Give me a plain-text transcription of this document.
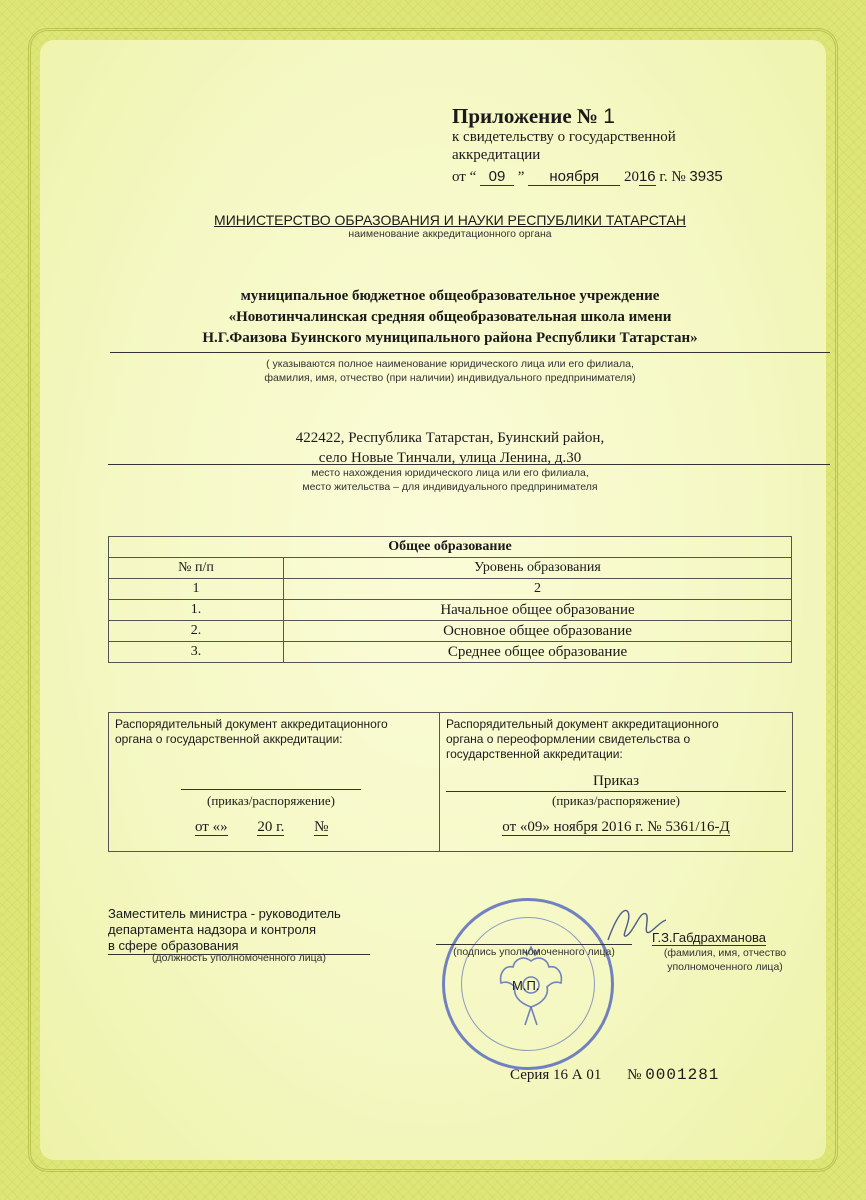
Приложение № 1
к свидетельству о государственной
аккредитации
от “ 09 ” ноября 2016 г. № 3935
МИНИСТЕРСТВО ОБРАЗОВАНИЯ И НАУКИ РЕСПУБЛИКИ ТАТАРСТАН
наименование аккредитационного органа
муниципальное бюджетное общеобразовательное учреждение
«Новотинчалинская средняя общеобразовательная школа имени
Н.Г.Фаизова Буинского муниципального района Республики Татарстан»
( указываются полное наименование юридического лица или его филиала,
фамилия, имя, отчество (при наличии) индивидуального предпринимателя)
422422, Республика Татарстан, Буинский район,
село Новые Тинчали, улица Ленина, д.30
место нахождения юридического лица или его филиала,
место жительства – для индивидуального предпринимателя
Общее образование	
№ п/п	Уровень образования
1	2
1.	Начальное общее образование
2.	Основное общее образование
3.	Среднее общее образование
Распорядительный документ аккредитационного
органа о государственной аккредитации:
(приказ/распоряжение)
от «» 20 г. №
Распорядительный документ аккредитационного
органа о переоформлении свидетельства о
государственной аккредитации:
Приказ
(приказ/распоряжение)
от «09» ноября 2016 г. № 5361/16-Д
Заместитель министра - руководитель
департамента надзора и контроля
в сфере образования
(должность уполномоченного лица)	(подпись уполномоченного лица)
М.П.
Г.З.Габдрахманова
(фамилия, имя, отчество
уполномоченного лица)
Серия 16 А 01 № 0001281
